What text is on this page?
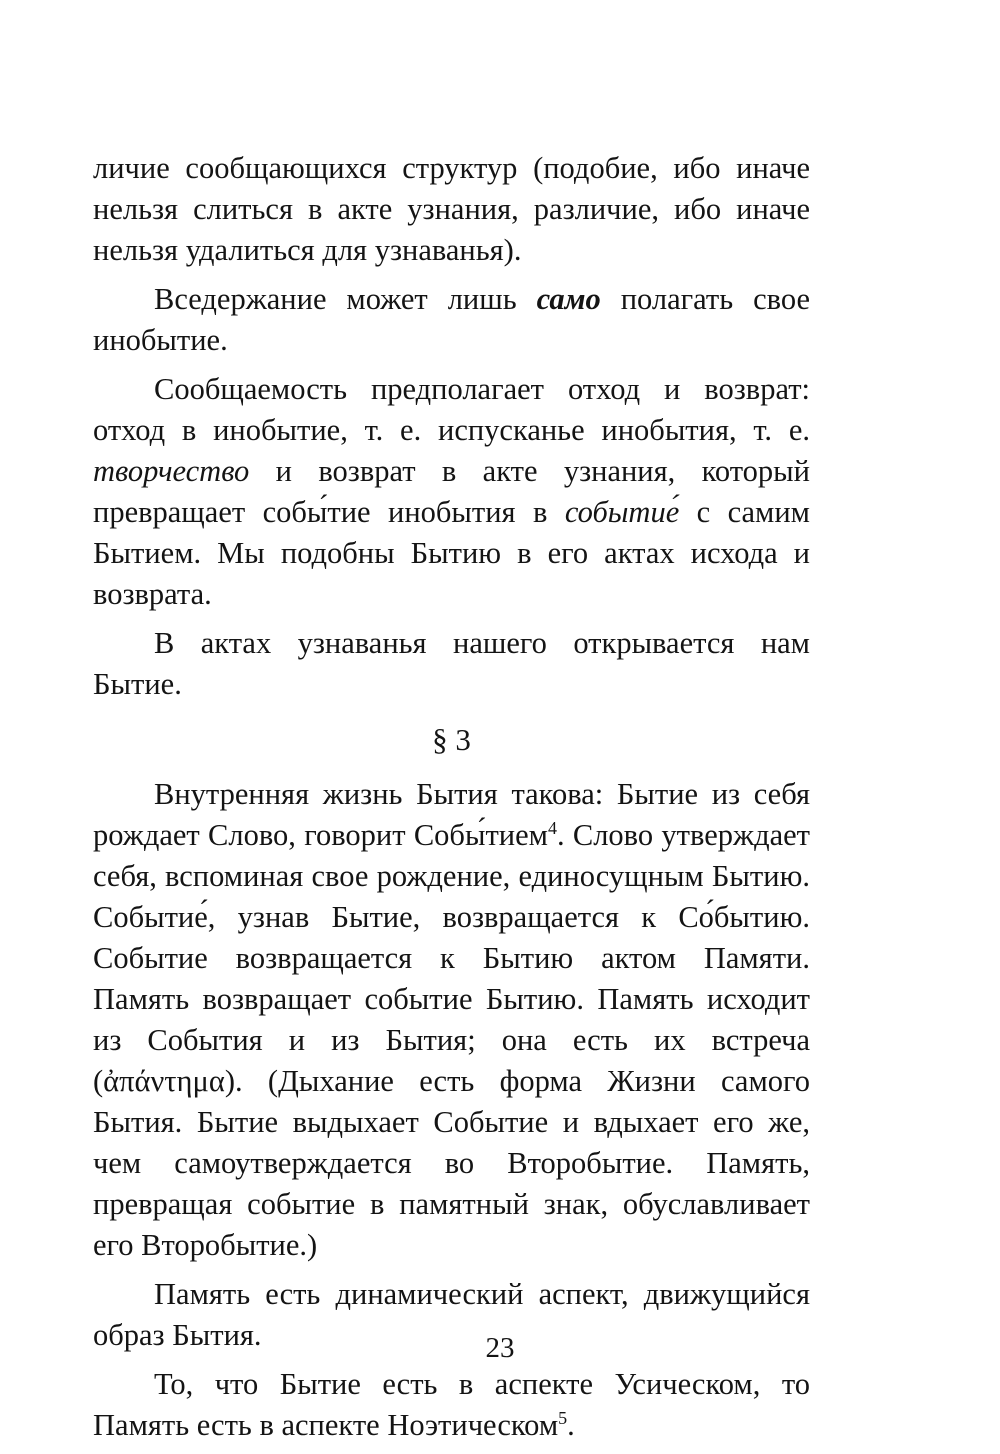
личие сообщающихся структур (подобие, ибо иначе нельзя слиться в акте узнания, различие, ибо иначе нельзя удалиться для узнаванья).

Вседержание может лишь само полагать свое инобытие.

Сообщаемость предполагает отход и возврат: отход в инобытие, т. е. испусканье инобытия, т. е. творчество и возврат в акте узнания, который превращает собы́тие инобытия в событие́ с самим Бытием. Мы подобны Бытию в его актах исхода и возврата.

В актах узнаванья нашего открывается нам Бытие.

§ 3

Внутренняя жизнь Бытия такова: Бытие из себя рождает Слово, говорит Собы́тием$^4$. Слово утверждает себя, вспоминая свое рождение, единосущным Бытию. Событие́, узнав Бытие, возвращается к Со́бытию. Событие возвращается к Бытию актом Памяти. Память возвращает событие Бытию. Память исходит из События и из Бытия; она есть их встреча (ἀπάντημα). (Дыхание есть форма Жизни самого Бытия. Бытие выдыхает Событие и вдыхает его же, чем самоутверждается во Второбытие. Память, превращая событие в памятный знак, обуславливает его Второбытие.)

Память есть динамический аспект, движущийся образ Бытия.

То, что Бытие есть в аспекте Усическом, то Память есть в аспекте Ноэтическом$^5$.

23
